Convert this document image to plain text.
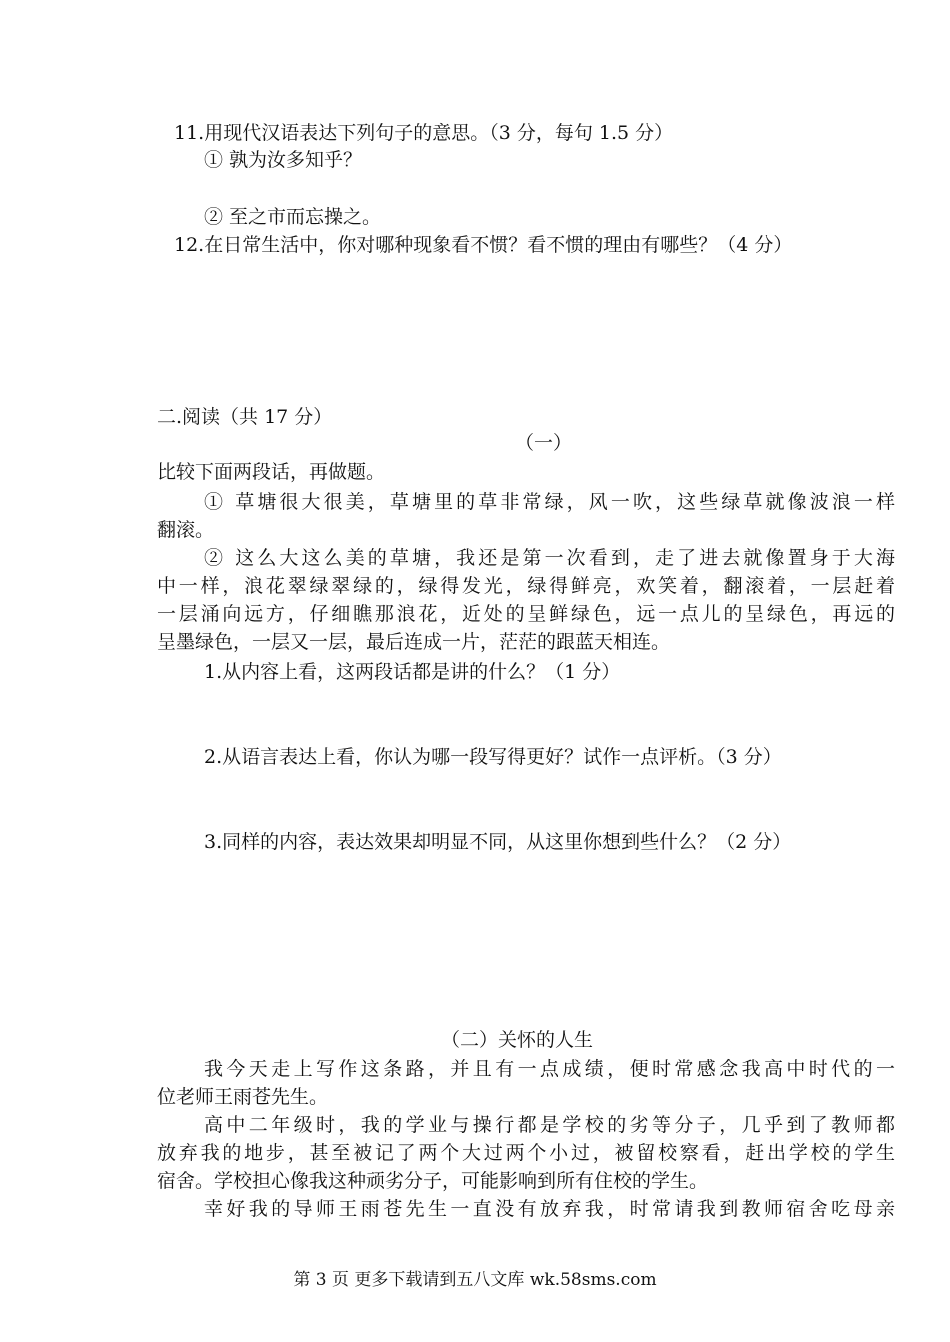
11.用现代汉语表达下列句子的意思。（3 分，每句 1.5 分）
① 孰为汝多知乎？
② 至之市而忘操之。
12.在日常生活中，你对哪种现象看不惯？看不惯的理由有哪些？（4 分）
二.阅读（共 17 分）
（一）
比较下面两段话，再做题。
① 草塘很大很美，草塘里的草非常绿，风一吹，这些绿草就像波浪一样
翻滚。
② 这么大这么美的草塘，我还是第一次看到，走了进去就像置身于大海
中一样，浪花翠绿翠绿的，绿得发光，绿得鲜亮，欢笑着，翻滚着，一层赶着
一层涌向远方，仔细瞧那浪花，近处的呈鲜绿色，远一点儿的呈绿色，再远的
呈墨绿色，一层又一层，最后连成一片，茫茫的跟蓝天相连。
1.从内容上看，这两段话都是讲的什么？（1 分）
2.从语言表达上看，你认为哪一段写得更好？试作一点评析。（3 分）
3.同样的内容，表达效果却明显不同，从这里你想到些什么？（2 分）
（二）关怀的人生
我今天走上写作这条路，并且有一点成绩，便时常感念我高中时代的一
位老师王雨苍先生。
高中二年级时，我的学业与操行都是学校的劣等分子，几乎到了教师都
放弃我的地步，甚至被记了两个大过两个小过，被留校察看，赶出学校的学生
宿舍。学校担心像我这种顽劣分子，可能影响到所有住校的学生。
幸好我的导师王雨苍先生一直没有放弃我，时常请我到教师宿舍吃母亲
第 3 页 更多下载请到五八文库 wk.58sms.com
